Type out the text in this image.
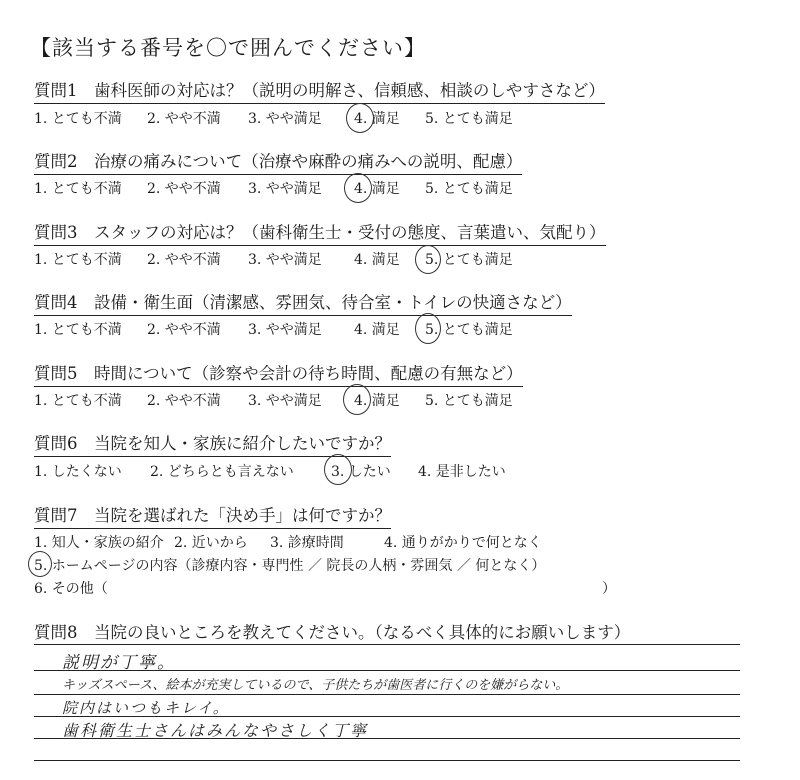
【該当する番号を〇で囲んでください】
質問1　歯科医師の対応は？（説明の明解さ、信頼感、相談のしやすさなど）
1. とても不満 2. やや不満 3. やや満足 4. 満足 5. とても満足
質問2　治療の痛みについて（治療や麻酔の痛みへの説明、配慮）
1. とても不満 2. やや不満 3. やや満足 4. 満足 5. とても満足
質問3　スタッフの対応は？（歯科衛生士・受付の態度、言葉遣い、気配り）
1. とても不満 2. やや不満 3. やや満足 4. 満足 5. とても満足
質問4　設備・衛生面（清潔感、雰囲気、待合室・トイレの快適さなど）
1. とても不満 2. やや不満 3. やや満足 4. 満足 5. とても満足
質問5　時間について（診察や会計の待ち時間、配慮の有無など）
1. とても不満 2. やや不満 3. やや満足 4. 満足 5. とても満足
質問6　当院を知人・家族に紹介したいですか？
1. したくない 2. どちらとも言えない	3. したい 4. 是非したい
質問7　当院を選ばれた「決め手」は何ですか？
1. 知人・家族の紹介 2. 近いから 3. 診療時間	4. 通りがかりで何となく
5. ホームページの内容（診療内容・専門性 ／ 院長の人柄・雰囲気 ／ 何となく）
6. その他（	）
質問8　当院の良いところを教えてください。（なるべく具体的にお願いします）
説明が丁寧。
キッズスペース、絵本が充実しているので、子供たちが歯医者に行くのを嫌がらない。
院内はいつもキレイ。
歯科衛生士さんはみんなやさしく丁寧
